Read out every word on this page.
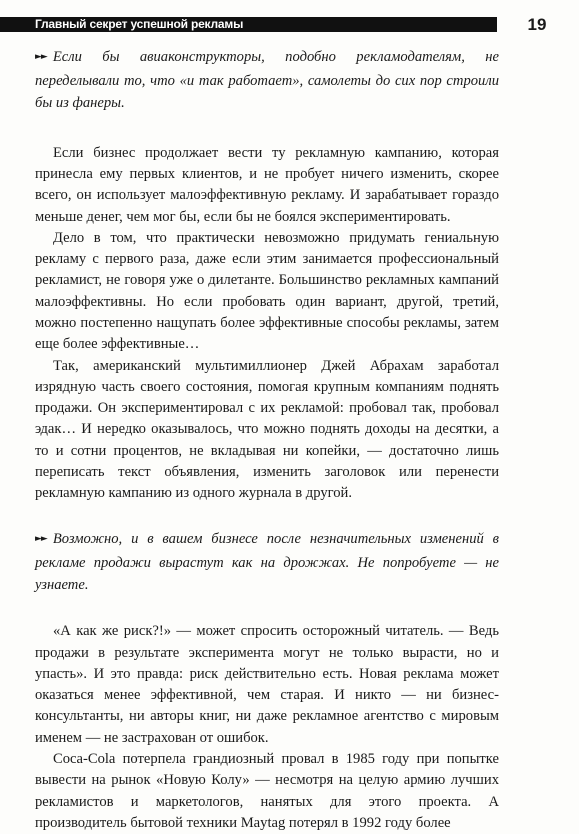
Главный секрет успешной рекламы	19

►► Если бы авиаконструкторы, подобно рекламодателям, не переделывали то, что «и так работает», самолеты до сих пор строили бы из фанеры.

Если бизнес продолжает вести ту рекламную кампанию, которая принесла ему первых клиентов, и не пробует ничего изменить, скорее всего, он использует малоэффективную рекламу. И зарабатывает гораздо меньше денег, чем мог бы, если бы не боялся экспериментировать.

Дело в том, что практически невозможно придумать гениальную рекламу с первого раза, даже если этим занимается профессиональный рекламист, не говоря уже о дилетанте. Большинство рекламных кампаний малоэффективны. Но если пробовать один вариант, другой, третий, можно постепенно нащупать более эффективные способы рекламы, затем еще более эффективные…

Так, американский мультимиллионер Джей Абрахам заработал изрядную часть своего состояния, помогая крупным компаниям поднять продажи. Он экспериментировал с их рекламой: пробовал так, пробовал эдак… И нередко оказывалось, что можно поднять доходы на десятки, а то и сотни процентов, не вкладывая ни копейки, — достаточно лишь переписать текст объявления, изменить заголовок или перенести рекламную кампанию из одного журнала в другой.

►► Возможно, и в вашем бизнесе после незначительных изменений в рекламе продажи вырастут как на дрожжах. Не попробуете — не узнаете.

«А как же риск?!» — может спросить осторожный читатель. — Ведь продажи в результате эксперимента могут не только вырасти, но и упасть». И это правда: риск действительно есть. Новая реклама может оказаться менее эффективной, чем старая. И никто — ни бизнес-консультанты, ни авторы книг, ни даже рекламное агентство с мировым именем — не застрахован от ошибок.

Coca-Cola потерпела грандиозный провал в 1985 году при попытке вывести на рынок «Новую Колу» — несмотря на целую армию лучших рекламистов и маркетологов, нанятых для этого проекта. А производитель бытовой техники Maytag потерял в 1992 году более
